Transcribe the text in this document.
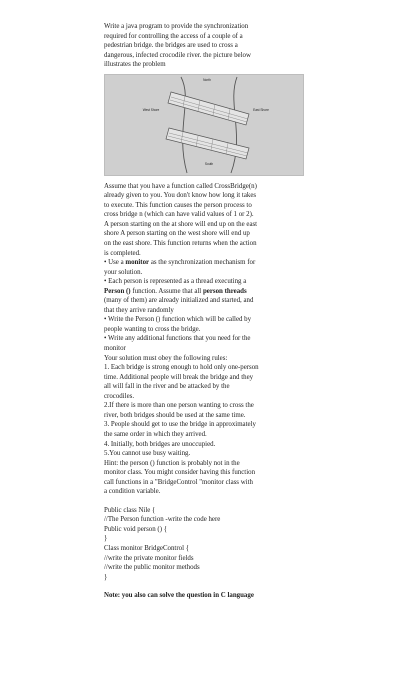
Write a java program to provide the synchronization
required for controlling the access of a couple of a
pedestrian bridge. the bridges are used to cross a
dangerous, infected crocodile river. the picture below
illustrates the problem
North
West Shore	East Shore
South
Assume that you have a function called CrossBridge(n)
already given to you. You don't know how long it takes
to execute. This function causes the person process to
cross bridge n (which can have valid values of 1 or 2).
A person starting on the at shore will end up on the east
shore A person starting on the west shore will end up
on the east shore. This function returns when the action
is completed.
• Use a monitor as the synchronization mechanism for
your solution.
• Each person is represented as a thread executing a
Person () function. Assume that all person threads
(many of them) are already initialized and started, and
that they arrive randomly
• Write the Person () function which will be called by
people wanting to cross the bridge.
• Write any additional functions that you need for the
monitor
Your solution must obey the following rules:
1. Each bridge is strong enough to hold only one-person
time. Additional people will break the bridge and they
all will fall in the river and be attacked by the
crocodiles.
2.If there is more than one person wanting to cross the
river, both bridges should be used at the same time.
3. People should get to use the bridge in approximately
the same order in which they arrived.
4. Initially, both bridges are unoccupied.
5.You cannot use busy waiting.
Hint: the person () function is probably not in the
monitor class. You might consider having this function
call functions in a "BridgeControl "monitor class with
a condition variable.
Public class Nile {
//The Person function -write the code here
Public void person () {
}
Class monitor BridgeControl {
//write the private monitor fields
//write the public monitor methods
}
Note: you also can solve the question in C language
